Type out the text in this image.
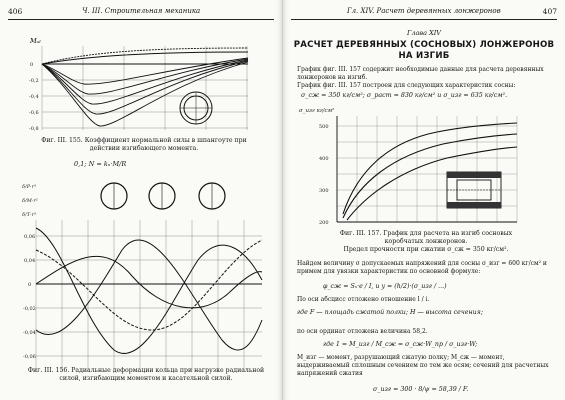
406	Ч. III. Строительная механика
Мᵤₗ
0
-0,2
-0,4
-0,6
-0,8
Фиг. III. 155. Коэффициент нормальной силы в шпангоуте при действии изгибающего момента.
0,1; N = kₙ·M/R
δ/P·r³
δ/M·r²
δ/T·r³
0,06
0,04
0
-0,02
-0,04
-0,06
Фиг. III. 156. Радиальные деформации кольца при нагрузке радиальной силой, изгибающим моментом и касательной силой.
Гл. XIV. Расчет деревянных лонжеронов	407
Глава XIV
РАСЧЕТ ДЕРЕВЯННЫХ (СОСНОВЫХ) ЛОНЖЕРОНОВ НА ИЗГИБ

График фиг. III. 157 содержит необходимые данные для расчета деревянных лонжеронов на изгиб.

График фиг. III. 157 построен для следующих характеристик сосны:

σ_сж = 350 кг/см²; σ_раст = 830 кг/см² и σ_изг = 635 кг/см².
σ_изг кг/см²
500
400
300
200
Фиг. III. 157. График для расчета на изгиб сосновых коробчатых лонжеронов.
Предел прочности при сжатии σ_сж = 350 кг/см².
Найдем величину σ допускаемых напряжений для сосны σ_изг = 600 кг/см² и примем для увязки характеристик по основной формуле:
φ_сж = Sₓ·e / I, и y = (h/2)·(σ_изг / ...)
По оси абсцисс отложено отношение l / i.
где F — площадь сжатой полки; H — высота сечения;
по оси ординат отложена величина 58,2.
где 1 = M_изг / M_сж = σ_сж·W_пр / σ_изг·W;
М_изг — момент, разрушающий сжатую полку; М_сж — момент, выдерживаемый сплошным сечением по тем же осям; сечений для расчетных напряжений сжатия
σ_изг = 300 · 8/ψ = 58,39 / F.
